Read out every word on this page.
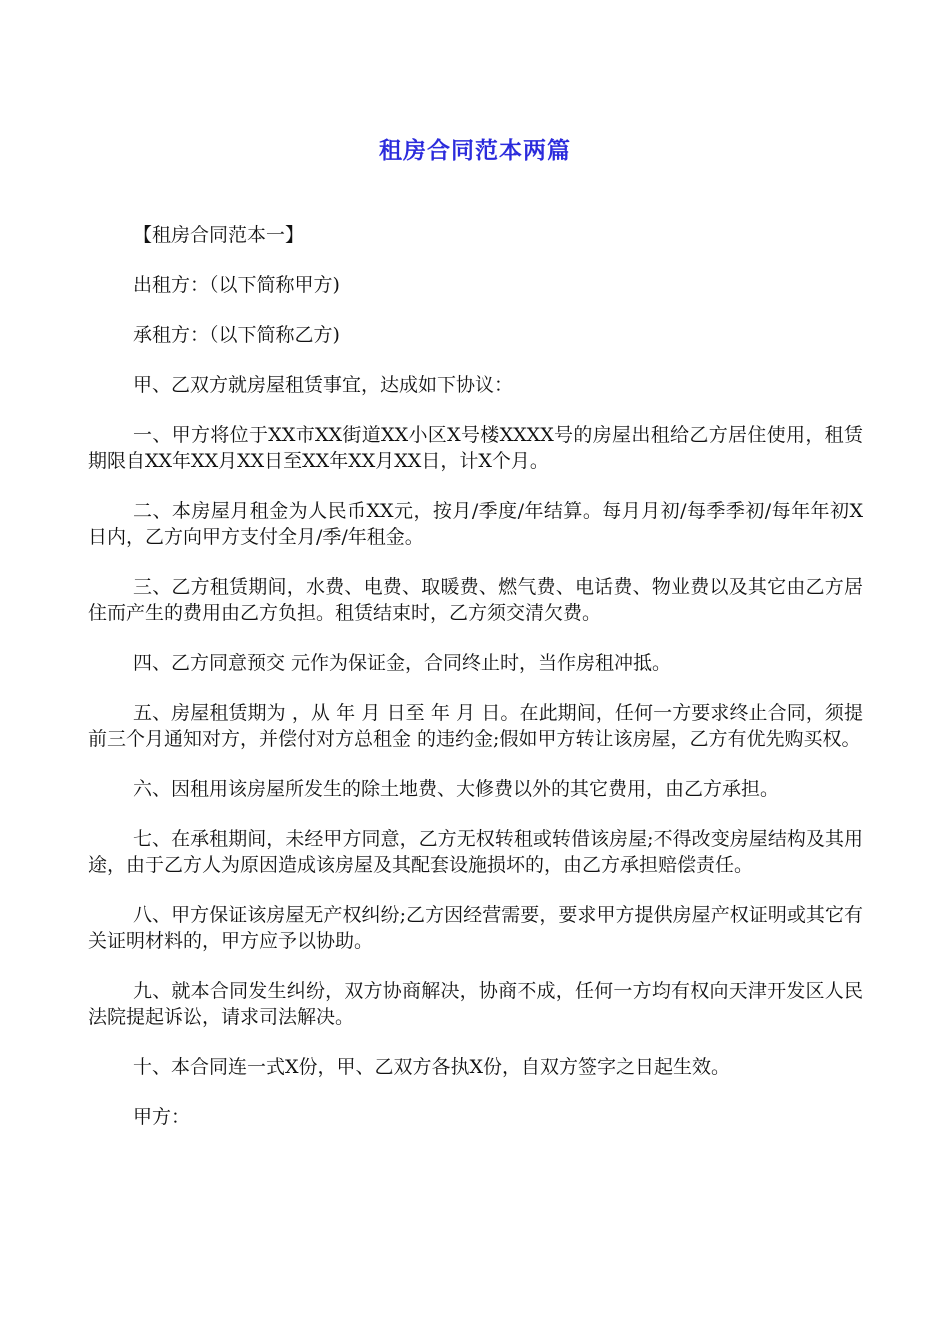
租房合同范本两篇

【租房合同范本一】

出租方：（以下简称甲方)

承租方：（以下简称乙方)

甲、乙双方就房屋租赁事宜，达成如下协议：

一、甲方将位于XX市XX街道XX小区X号楼XXXX号的房屋出租给乙方居住使用，租赁期限自XX年XX月XX日至XX年XX月XX日，计X个月。

二、本房屋月租金为人民币XX元，按月/季度/年结算。每月月初/每季季初/每年年初X日内，乙方向甲方支付全月/季/年租金。

三、乙方租赁期间，水费、电费、取暖费、燃气费、电话费、物业费以及其它由乙方居住而产生的费用由乙方负担。租赁结束时，乙方须交清欠费。

四、乙方同意预交 元作为保证金，合同终止时，当作房租冲抵。

五、房屋租赁期为 ，从 年 月 日至 年 月 日。在此期间，任何一方要求终止合同，须提前三个月通知对方，并偿付对方总租金 的违约金;假如甲方转让该房屋，乙方有优先购买权。

六、因租用该房屋所发生的除土地费、大修费以外的其它费用，由乙方承担。

七、在承租期间，未经甲方同意，乙方无权转租或转借该房屋;不得改变房屋结构及其用途，由于乙方人为原因造成该房屋及其配套设施损坏的，由乙方承担赔偿责任。

八、甲方保证该房屋无产权纠纷;乙方因经营需要，要求甲方提供房屋产权证明或其它有关证明材料的，甲方应予以协助。

九、就本合同发生纠纷，双方协商解决，协商不成，任何一方均有权向天津开发区人民法院提起诉讼，请求司法解决。

十、本合同连一式X份，甲、乙双方各执X份，自双方签字之日起生效。

甲方：
